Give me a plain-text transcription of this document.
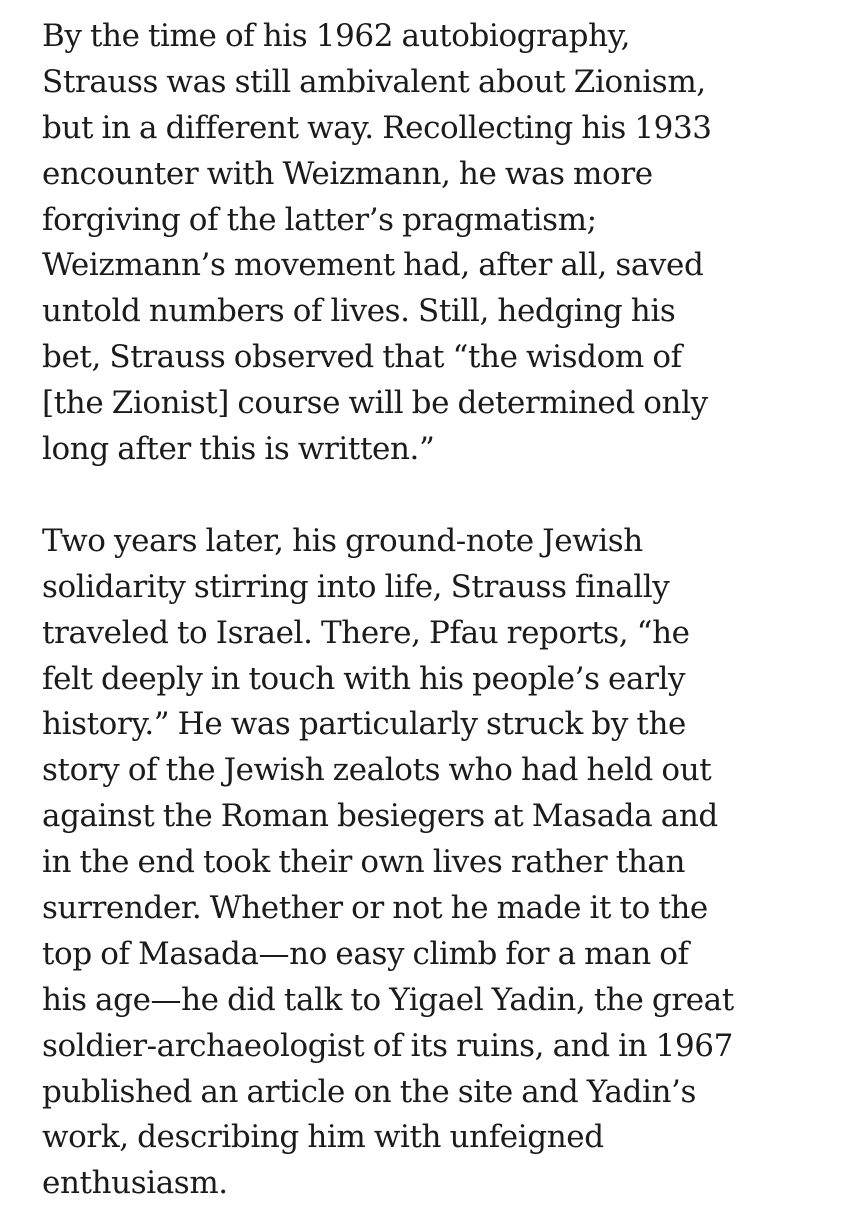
By the time of his 1962 autobiography,
Strauss was still ambivalent about Zionism,
but in a different way. Recollecting his 1933
encounter with Weizmann, he was more
forgiving of the latter’s pragmatism;
Weizmann’s movement had, after all, saved
untold numbers of lives. Still, hedging his
bet, Strauss observed that “the wisdom of
[the Zionist] course will be determined only
long after this is written.”
Two years later, his ground-note Jewish
solidarity stirring into life, Strauss finally
traveled to Israel. There, Pfau reports, “he
felt deeply in touch with his people’s early
history.” He was particularly struck by the
story of the Jewish zealots who had held out
against the Roman besiegers at Masada and
in the end took their own lives rather than
surrender. Whether or not he made it to the
top of Masada—no easy climb for a man of
his age—he did talk to Yigael Yadin, the great
soldier-archaeologist of its ruins, and in 1967
published an article on the site and Yadin’s
work, describing him with unfeigned
enthusiasm.
